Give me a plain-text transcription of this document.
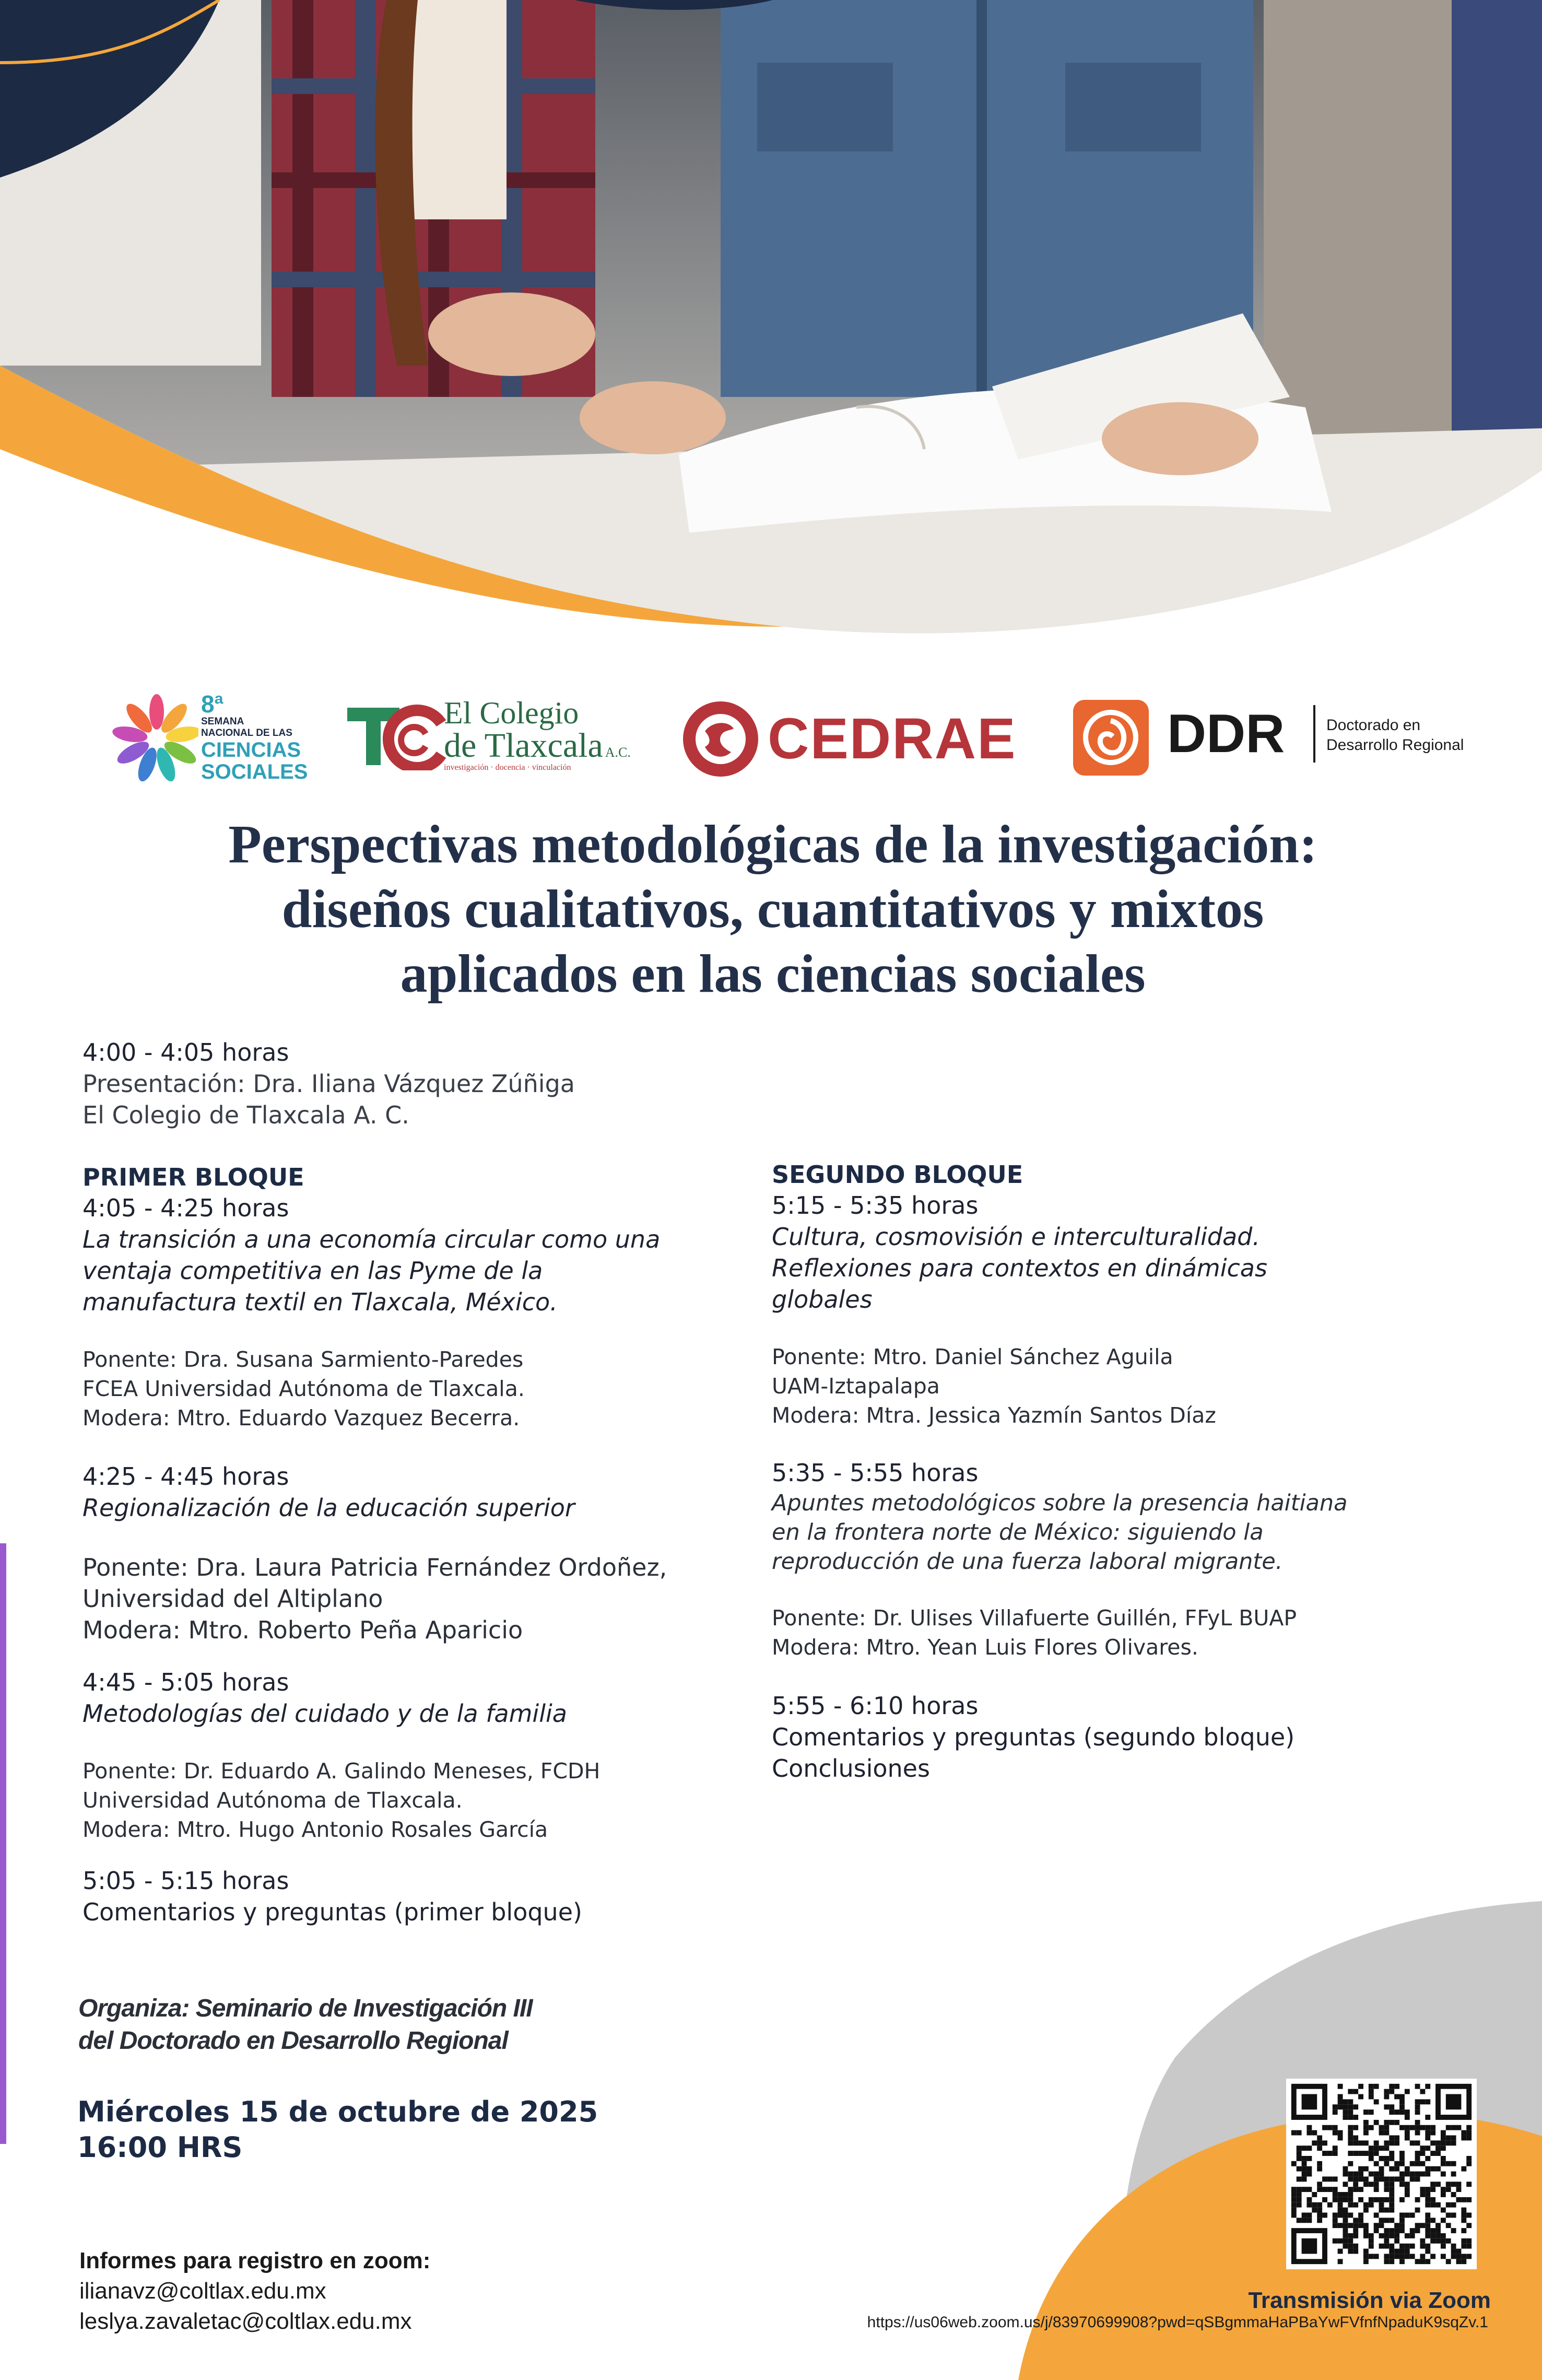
8ª
SEMANA
NACIONAL DE LAS
CIENCIAS
SOCIALES
El Colegio
de Tlaxcala A.C.
investigación · docencia · vinculación	CEDRAE	DDR	Doctorado en
Desarrollo Regional
Perspectivas metodológicas de la investigación:
diseños cualitativos, cuantitativos y mixtos
aplicados en las ciencias sociales
4:00 - 4:05 horas
Presentación: Dra. Iliana Vázquez Zúñiga
El Colegio de Tlaxcala A. C.
PRIMER BLOQUE
4:05 - 4:25 horas
La transición a una economía circular como una
ventaja competitiva en las Pyme de la
manufactura textil en Tlaxcala, México.
Ponente: Dra. Susana Sarmiento-Paredes
FCEA Universidad Autónoma de Tlaxcala.
Modera: Mtro. Eduardo Vazquez Becerra.
4:25 - 4:45 horas
Regionalización de la educación superior
Ponente: Dra. Laura Patricia Fernández Ordoñez,
Universidad del Altiplano
Modera: Mtro. Roberto Peña Aparicio
4:45 - 5:05 horas
Metodologías del cuidado y de la familia
Ponente: Dr. Eduardo A. Galindo Meneses, FCDH
Universidad Autónoma de Tlaxcala.
Modera: Mtro. Hugo Antonio Rosales García
5:05 - 5:15 horas
Comentarios y preguntas (primer bloque)
SEGUNDO BLOQUE
5:15 - 5:35 horas
Cultura, cosmovisión e interculturalidad.
Reflexiones para contextos en dinámicas
globales
Ponente: Mtro. Daniel Sánchez Aguila
UAM-Iztapalapa
Modera: Mtra. Jessica Yazmín Santos Díaz
5:35 - 5:55 horas
Apuntes metodológicos sobre la presencia haitiana
en la frontera norte de México: siguiendo la
reproducción de una fuerza laboral migrante.
Ponente: Dr. Ulises Villafuerte Guillén, FFyL BUAP
Modera: Mtro. Yean Luis Flores Olivares.
5:55 - 6:10 horas
Comentarios y preguntas (segundo bloque)
Conclusiones
Organiza: Seminario de Investigación III
del Doctorado en Desarrollo Regional
Miércoles 15 de octubre de 2025
16:00 HRS
Informes para registro en zoom:
ilianavz@coltlax.edu.mx
leslya.zavaletac@coltlax.edu.mx
Transmisión via Zoom
https://us06web.zoom.us/j/83970699908?pwd=qSBgmmaHaPBaYwFVfnfNpaduK9sqZv.1
